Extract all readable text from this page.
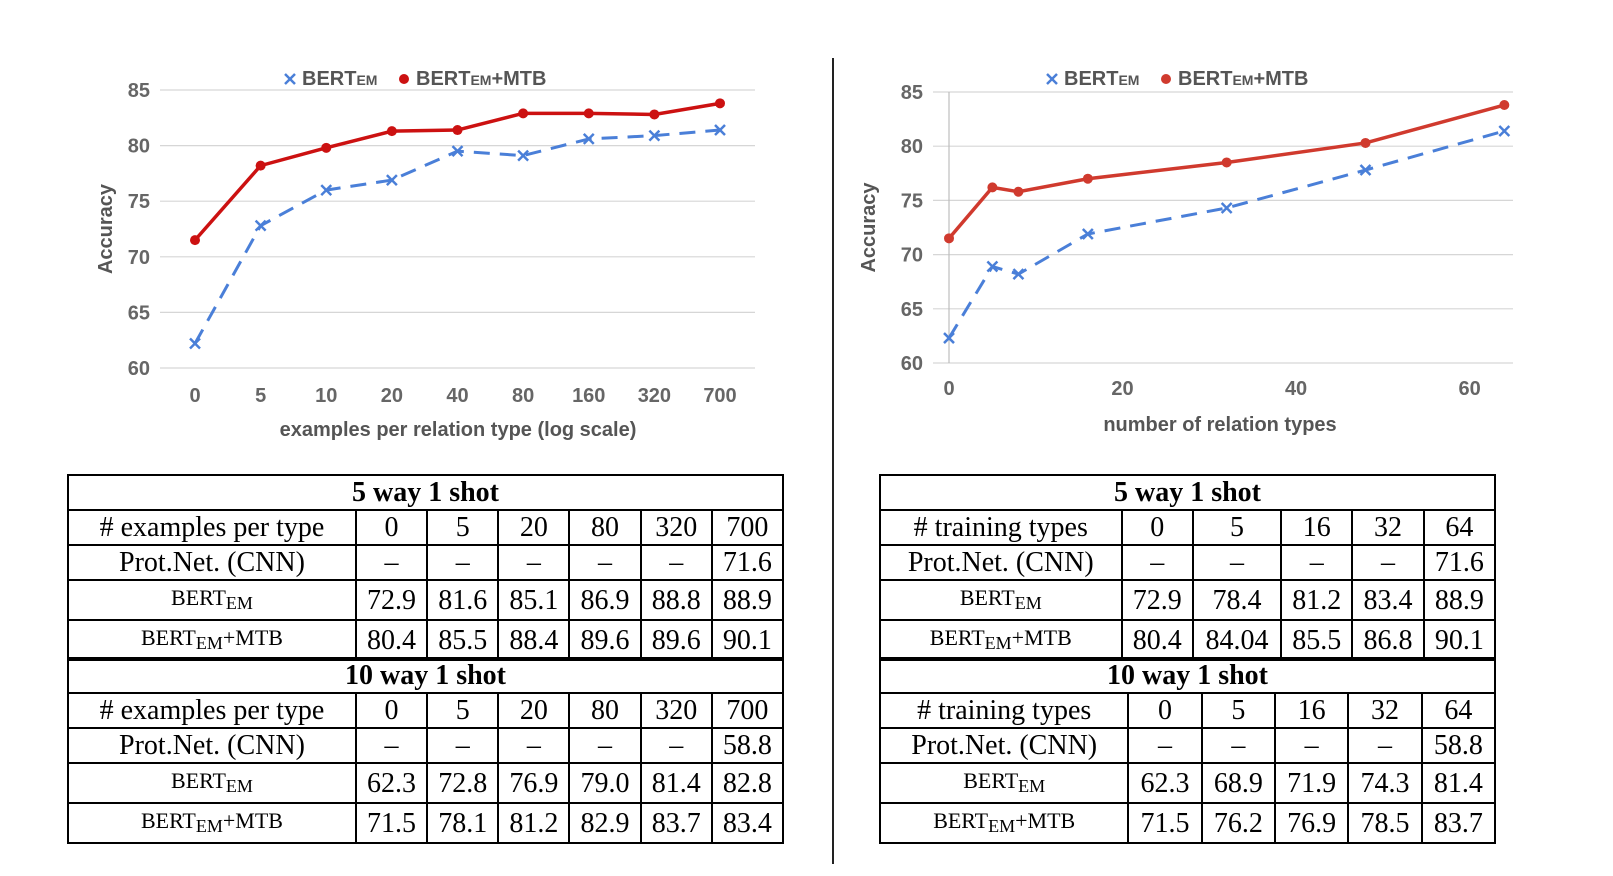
60
65
70
75
80
85
0	5 10 20 40 80 160 320 700
examples per relation type (log scale)
Accuracy
BERTEM BERTEM+MTB
60
65
70
75
80
85
0	20	40	60
number of relation types
Accuracy
BERTEM BERTEM+MTB
5 way 1 shot						
# examples per type	0	5	20	80	320	700
Prot.Net. (CNN)	–	–	–	–	–	71.6
$BERT_{EM}$	72.9	81.6	85.1	86.9	88.8	88.9
$BERT_{EM}+MTB$	80.4	85.5	88.4	89.6	89.6	90.1
10 way 1 shot						
# examples per type	0	5	20	80	320	700
Prot.Net. (CNN)	–	–	–	–	–	58.8
$BERT_{EM}$	62.3	72.8	76.9	79.0	81.4	82.8
$BERT_{EM}+MTB$	71.5	78.1	81.2	82.9	83.7	83.4
5 way 1 shot					
# training types	0	5	16	32	64
Prot.Net. (CNN)	–	–	–	–	71.6
$BERT_{EM}$	72.9	78.4	81.2	83.4	88.9
$BERT_{EM}+MTB$	80.4	84.04	85.5	86.8	90.1
10 way 1 shot					
# training types	0	5	16	32	64
Prot.Net. (CNN)	–	–	–	–	58.8
$BERT_{EM}$	62.3	68.9	71.9	74.3	81.4
$BERT_{EM}+MTB$	71.5	76.2	76.9	78.5	83.7
